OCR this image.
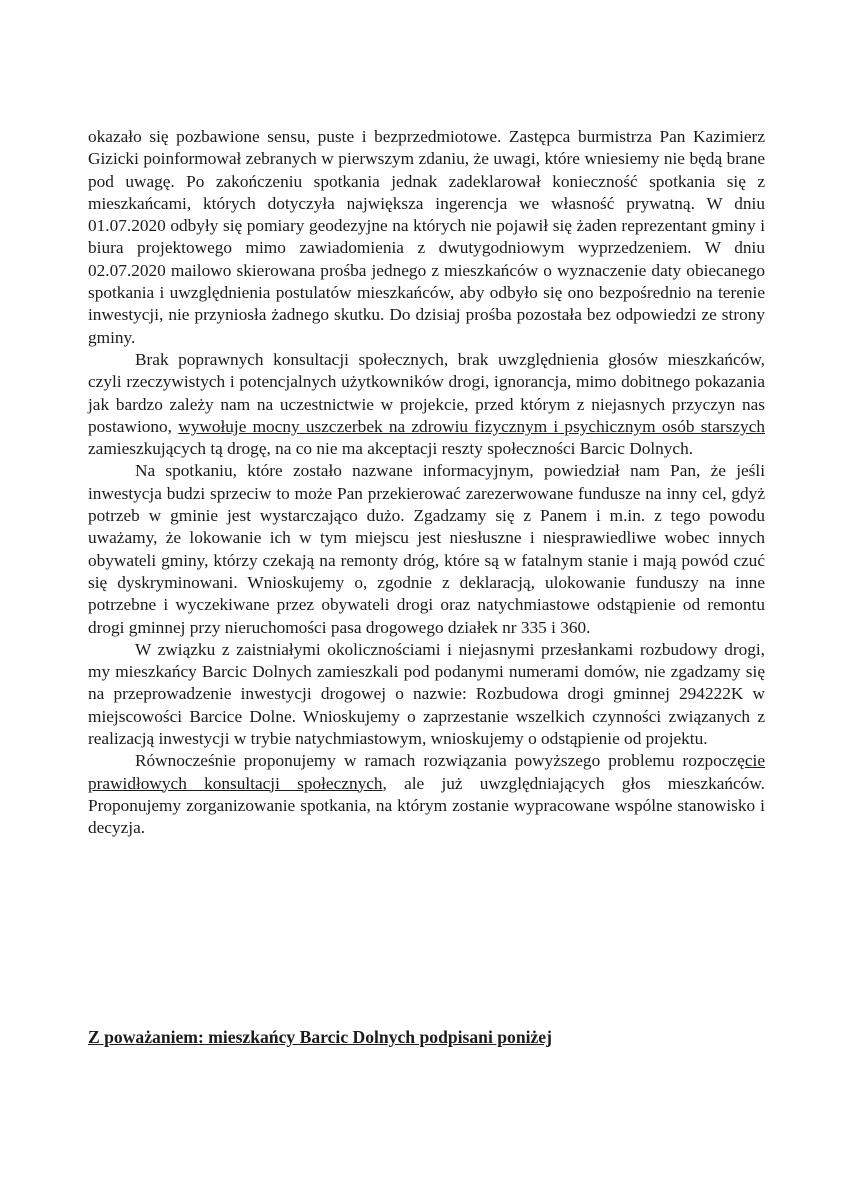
okazało się pozbawione sensu, puste i bezprzedmiotowe. Zastępca burmistrza Pan Kazimierz Gizicki poinformował zebranych w pierwszym zdaniu, że uwagi, które wniesiemy nie będą brane pod uwagę. Po zakończeniu spotkania jednak zadeklarował konieczność spotkania się z mieszkańcami, których dotyczyła największa ingerencja we własność prywatną. W dniu 01.07.2020 odbyły się pomiary geodezyjne na których nie pojawił się żaden reprezentant gminy i biura projektowego mimo zawiadomienia z dwutygodniowym wyprzedzeniem. W dniu 02.07.2020 mailowo skierowana prośba jednego z mieszkańców o wyznaczenie daty obiecanego spotkania i uwzględnienia postulatów mieszkańców, aby odbyło się ono bezpośrednio na terenie inwestycji, nie przyniosła żadnego skutku. Do dzisiaj prośba pozostała bez odpowiedzi ze strony gminy.

Brak poprawnych konsultacji społecznych, brak uwzględnienia głosów mieszkańców, czyli rzeczywistych i potencjalnych użytkowników drogi, ignorancja, mimo dobitnego pokazania jak bardzo zależy nam na uczestnictwie w projekcie, przed którym z niejasnych przyczyn nas postawiono, wywołuje mocny uszczerbek na zdrowiu fizycznym i psychicznym osób starszych zamieszkujących tą drogę, na co nie ma akceptacji reszty społeczności Barcic Dolnych.

Na spotkaniu, które zostało nazwane informacyjnym, powiedział nam Pan, że jeśli inwestycja budzi sprzeciw to może Pan przekierować zarezerwowane fundusze na inny cel, gdyż potrzeb w gminie jest wystarczająco dużo. Zgadzamy się z Panem i m.in. z tego powodu uważamy, że lokowanie ich w tym miejscu jest niesłuszne i niesprawiedliwe wobec innych obywateli gminy, którzy czekają na remonty dróg, które są w fatalnym stanie i mają powód czuć się dyskryminowani. Wnioskujemy o, zgodnie z deklaracją, ulokowanie funduszy na inne potrzebne i wyczekiwane przez obywateli drogi oraz natychmiastowe odstąpienie od remontu drogi gminnej przy nieruchomości pasa drogowego działek nr 335 i 360.

W związku z zaistniałymi okolicznościami i niejasnymi przesłankami rozbudowy drogi, my mieszkańcy Barcic Dolnych zamieszkali pod podanymi numerami domów, nie zgadzamy się na przeprowadzenie inwestycji drogowej o nazwie: Rozbudowa drogi gminnej 294222K w miejscowości Barcice Dolne. Wnioskujemy o zaprzestanie wszelkich czynności związanych z realizacją inwestycji w trybie natychmiastowym, wnioskujemy o odstąpienie od projektu.

Równocześnie proponujemy w ramach rozwiązania powyższego problemu rozpoczęcie prawidłowych konsultacji społecznych, ale już uwzględniających głos mieszkańców. Proponujemy zorganizowanie spotkania, na którym zostanie wypracowane wspólne stanowisko i decyzja.

Z poważaniem: mieszkańcy Barcic Dolnych podpisani poniżej
